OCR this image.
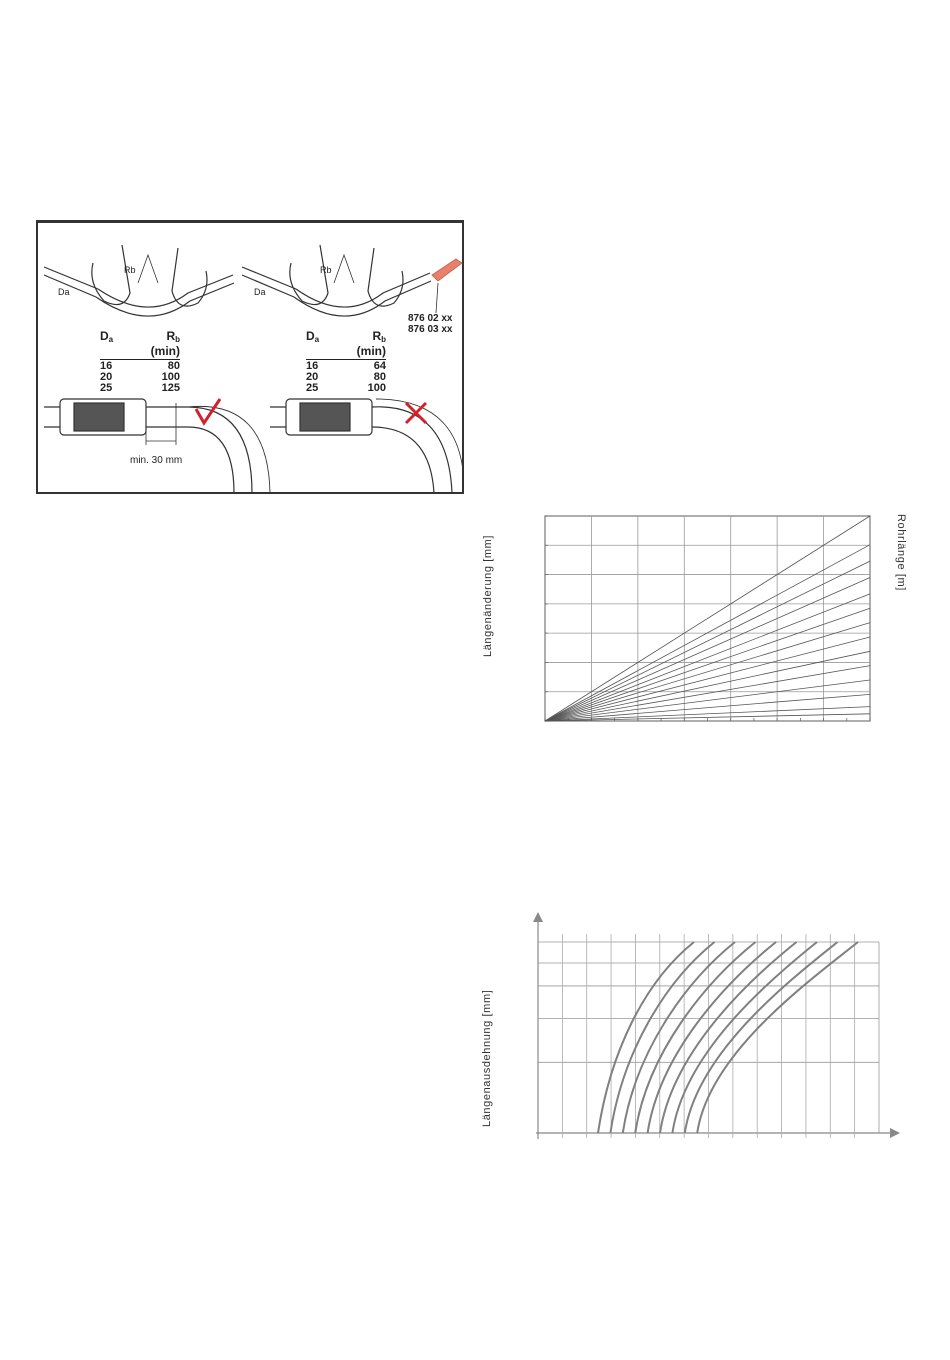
Rb	Rb
Da	Da
$D_a$	$R_b$ (min)
16	80
20	100
25	125
$D_a$	$R_b$ (min)
16	64
20	80
25	100
876 02 xx
876 03 xx
min. 30 mm
Längenänderung [mm]	Rohrlänge [m]
Längenausdehnung [mm]
